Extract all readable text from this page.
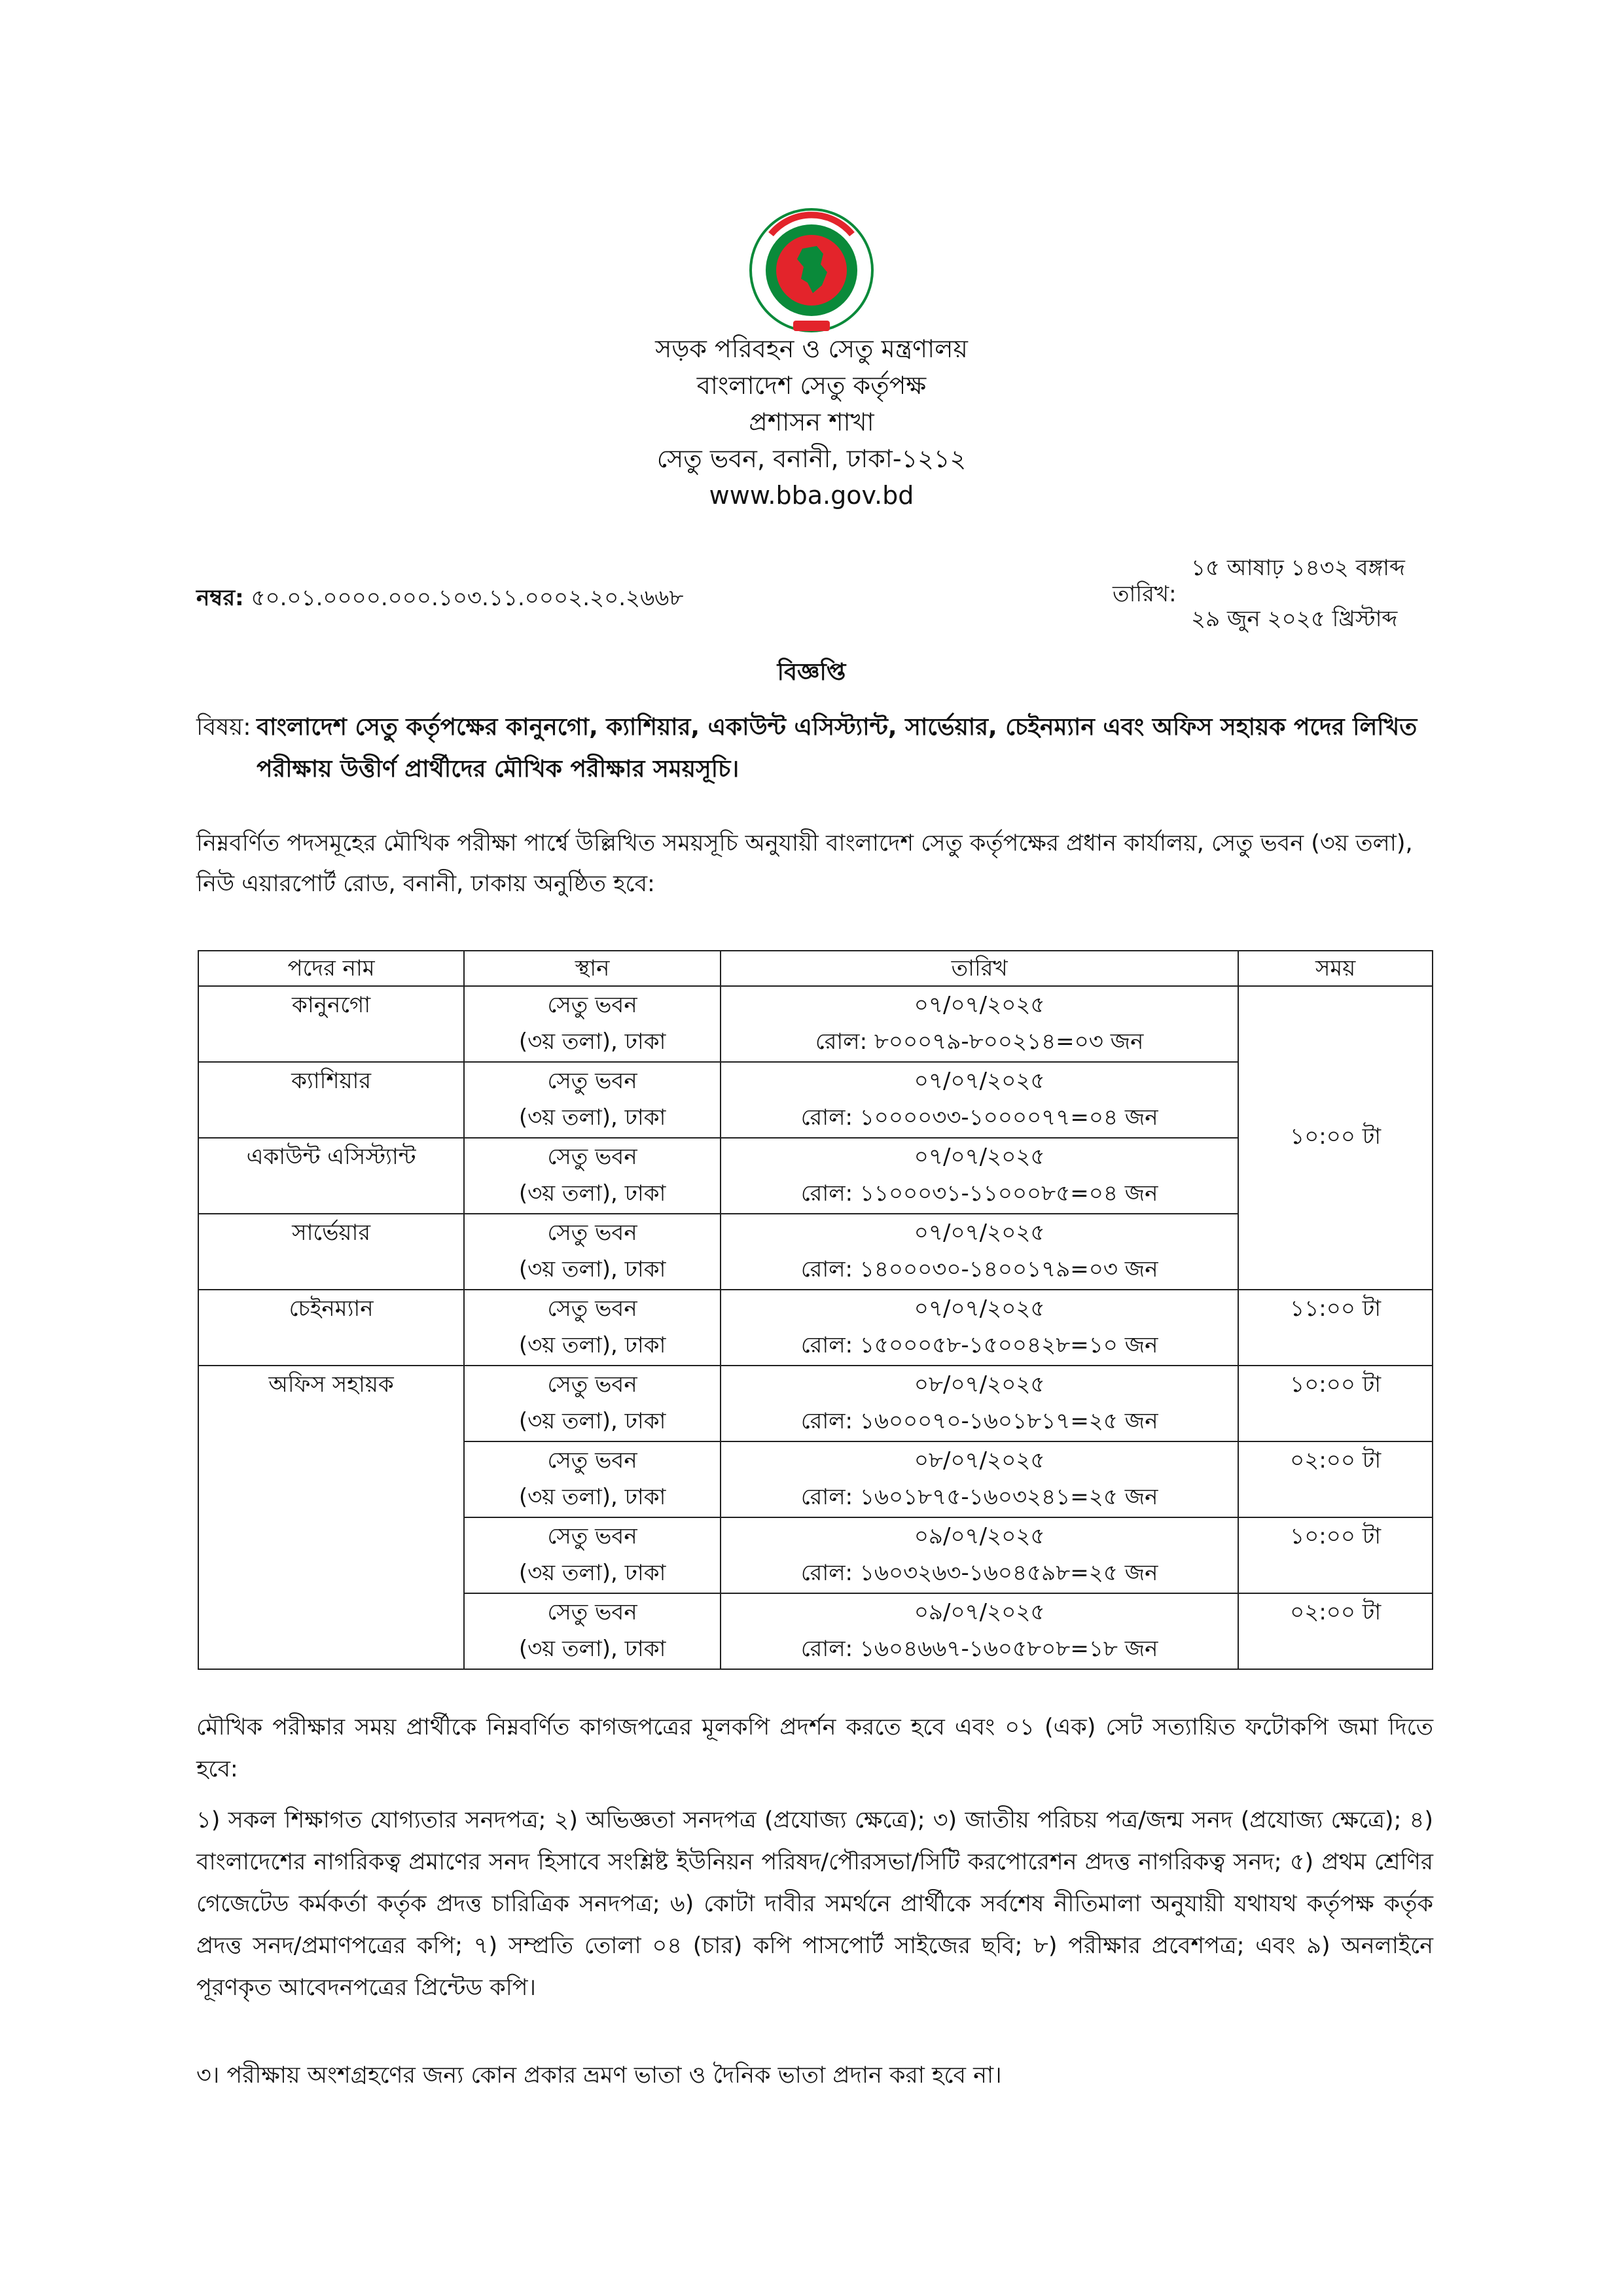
সড়ক পরিবহন ও সেতু মন্ত্রণালয়
বাংলাদেশ সেতু কর্তৃপক্ষ
প্রশাসন শাখা
সেতু ভবন, বনানী, ঢাকা-১২১২
www.bba.gov.bd
নম্বর: ৫০.০১.০০০০.০০০.১০৩.১১.০০০২.২০.২৬৬৮	তারিখ:
১৫ আষাঢ় ১৪৩২ বঙ্গাব্দ
২৯ জুন ২০২৫ খ্রিস্টাব্দ
বিজ্ঞপ্তি
বিষয়: বাংলাদেশ সেতু কর্তৃপক্ষের কানুনগো, ক্যাশিয়ার, একাউন্ট এসিস্ট্যান্ট, সার্ভেয়ার, চেইনম্যান এবং অফিস সহায়ক পদের লিখিত পরীক্ষায় উত্তীর্ণ প্রার্থীদের মৌখিক পরীক্ষার সময়সূচি।
নিম্নবর্ণিত পদসমূহের মৌখিক পরীক্ষা পার্শ্বে উল্লিখিত সময়সূচি অনুযায়ী বাংলাদেশ সেতু কর্তৃপক্ষের প্রধান কার্যালয়, সেতু ভবন (৩য় তলা), নিউ এয়ারপোর্ট রোড, বনানী, ঢাকায় অনুষ্ঠিত হবে:
পদের নাম	স্থান	তারিখ	সময়

কানুনগো	সেতু ভবন
(৩য় তলা), ঢাকা	০৭/০৭/২০২৫
রোল: ৮০০০৭৯-৮০০২১৪=০৩ জন	১০:০০ টা

ক্যাশিয়ার	সেতু ভবন
(৩য় তলা), ঢাকা	০৭/০৭/২০২৫
রোল: ১০০০০৩৩-১০০০০৭৭=০৪ জন	

একাউন্ট এসিস্ট্যান্ট	সেতু ভবন
(৩য় তলা), ঢাকা	০৭/০৭/২০২৫
রোল: ১১০০০৩১-১১০০০৮৫=০৪ জন	

সার্ভেয়ার	সেতু ভবন
(৩য় তলা), ঢাকা	০৭/০৭/২০২৫
রোল: ১৪০০০৩০-১৪০০১৭৯=০৩ জন	

চেইনম্যান	সেতু ভবন
(৩য় তলা), ঢাকা	০৭/০৭/২০২৫
রোল: ১৫০০০৫৮-১৫০০৪২৮=১০ জন	১১:০০ টা

অফিস সহায়ক	সেতু ভবন
(৩য় তলা), ঢাকা	০৮/০৭/২০২৫
রোল: ১৬০০০৭০-১৬০১৮১৭=২৫ জন	১০:০০ টা

	সেতু ভবন
(৩য় তলা), ঢাকা	০৮/০৭/২০২৫
রোল: ১৬০১৮৭৫-১৬০৩২৪১=২৫ জন	০২:০০ টা

	সেতু ভবন
(৩য় তলা), ঢাকা	০৯/০৭/২০২৫
রোল: ১৬০৩২৬৩-১৬০৪৫৯৮=২৫ জন	১০:০০ টা

	সেতু ভবন
(৩য় তলা), ঢাকা	০৯/০৭/২০২৫
রোল: ১৬০৪৬৬৭-১৬০৫৮০৮=১৮ জন	০২:০০ টা
মৌখিক পরীক্ষার সময় প্রার্থীকে নিম্নবর্ণিত কাগজপত্রের মূলকপি প্রদর্শন করতে হবে এবং ০১ (এক) সেট সত্যায়িত ফটোকপি জমা দিতে হবে:
১) সকল শিক্ষাগত যোগ্যতার সনদপত্র; ২) অভিজ্ঞতা সনদপত্র (প্রযোজ্য ক্ষেত্রে); ৩) জাতীয় পরিচয় পত্র/জন্ম সনদ (প্রযোজ্য ক্ষেত্রে); ৪) বাংলাদেশের নাগরিকত্ব প্রমাণের সনদ হিসাবে সংশ্লিষ্ট ইউনিয়ন পরিষদ/পৌরসভা/সিটি করপোরেশন প্রদত্ত নাগরিকত্ব সনদ; ৫) প্রথম শ্রেণির গেজেটেড কর্মকর্তা কর্তৃক প্রদত্ত চারিত্রিক সনদপত্র; ৬) কোটা দাবীর সমর্থনে প্রার্থীকে সর্বশেষ নীতিমালা অনুযায়ী যথাযথ কর্তৃপক্ষ কর্তৃক প্রদত্ত সনদ/প্রমাণপত্রের কপি; ৭) সম্প্রতি তোলা ০৪ (চার) কপি পাসপোর্ট সাইজের ছবি; ৮) পরীক্ষার প্রবেশপত্র; এবং ৯) অনলাইনে পূরণকৃত আবেদনপত্রের প্রিন্টেড কপি।
৩। পরীক্ষায় অংশগ্রহণের জন্য কোন প্রকার ভ্রমণ ভাতা ও দৈনিক ভাতা প্রদান করা হবে না।
